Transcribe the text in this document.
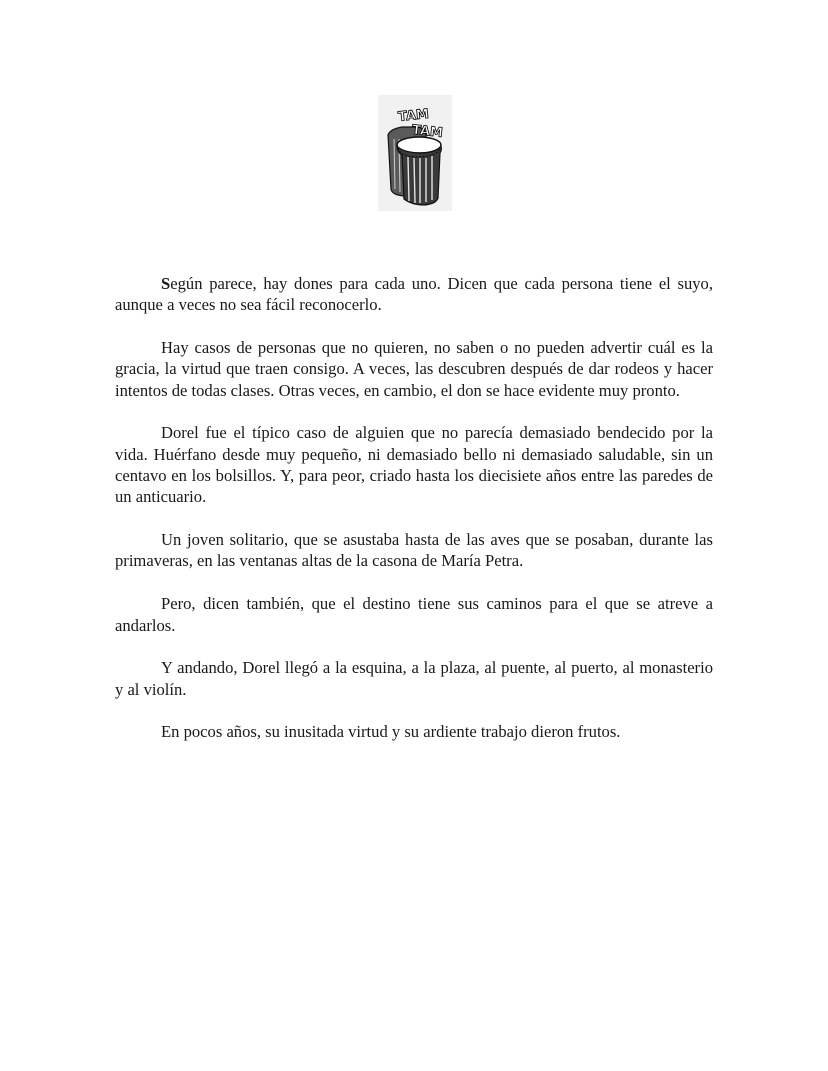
TAM
TAM

Según parece, hay dones para cada uno. Dicen que cada persona tiene el suyo, aunque a veces no sea fácil reconocerlo.

Hay casos de personas que no quieren, no saben o no pueden advertir cuál es la gracia, la virtud que traen consigo. A veces, las descubren después de dar rodeos y hacer intentos de todas clases. Otras veces, en cambio, el don se hace evidente muy pronto.

Dorel fue el típico caso de alguien que no parecía demasiado bendecido por la vida. Huérfano desde muy pequeño, ni demasiado bello ni demasiado saludable, sin un centavo en los bolsillos. Y, para peor, criado hasta los diecisiete años entre las paredes de un anticuario.

Un joven solitario, que se asustaba hasta de las aves que se posaban, durante las primaveras, en las ventanas altas de la casona de María Petra.

Pero, dicen también, que el destino tiene sus caminos para el que se atreve a andarlos.

Y andando, Dorel llegó a la esquina, a la plaza, al puente, al puerto, al monasterio y al violín.

En pocos años, su inusitada virtud y su ardiente trabajo dieron frutos.
